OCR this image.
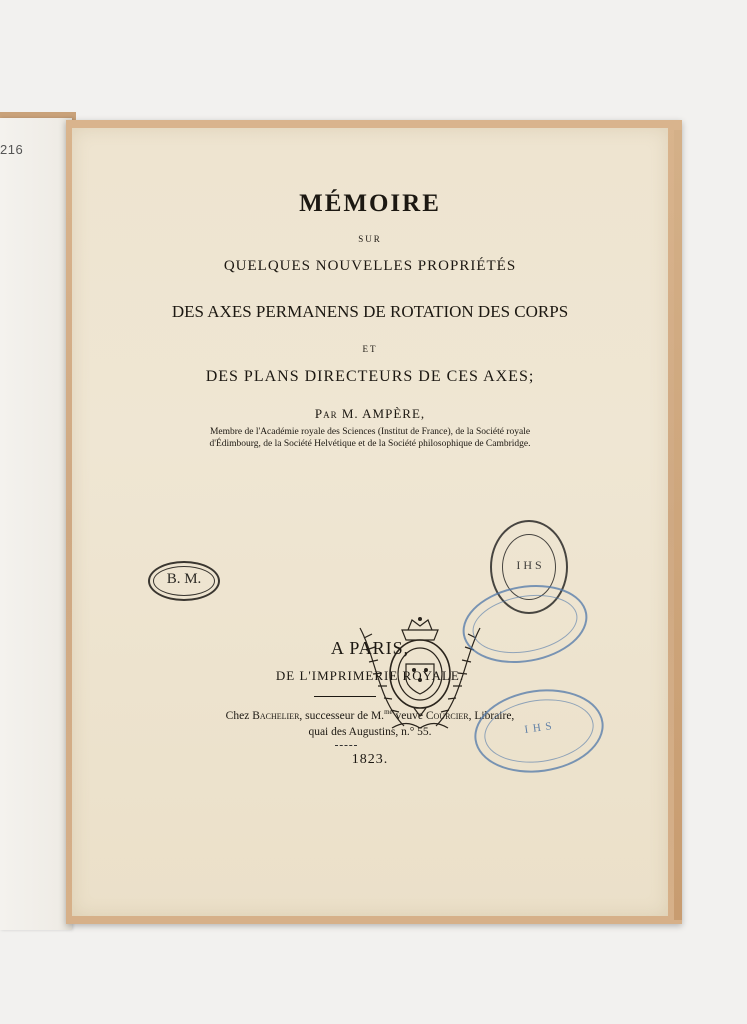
216
MÉMOIRE
SUR
QUELQUES NOUVELLES PROPRIÉTÉS
DES AXES PERMANENS DE ROTATION DES CORPS
ET
DES PLANS DIRECTEURS DE CES AXES;
Par M. AMPÈRE,
Membre de l'Académie royale des Sciences (Institut de France), de la Société royale
d'Édimbourg, de la Société Helvétique et de la Société philosophique de Cambridge.
A PARIS,
DE L'IMPRIMERIE ROYALE.
Chez Bachelier, successeur de M.$^{me}$ veuve Courcier, Libraire,
quai des Augustins, n.° 55.
1823.
B. M.
I H S
I H S
